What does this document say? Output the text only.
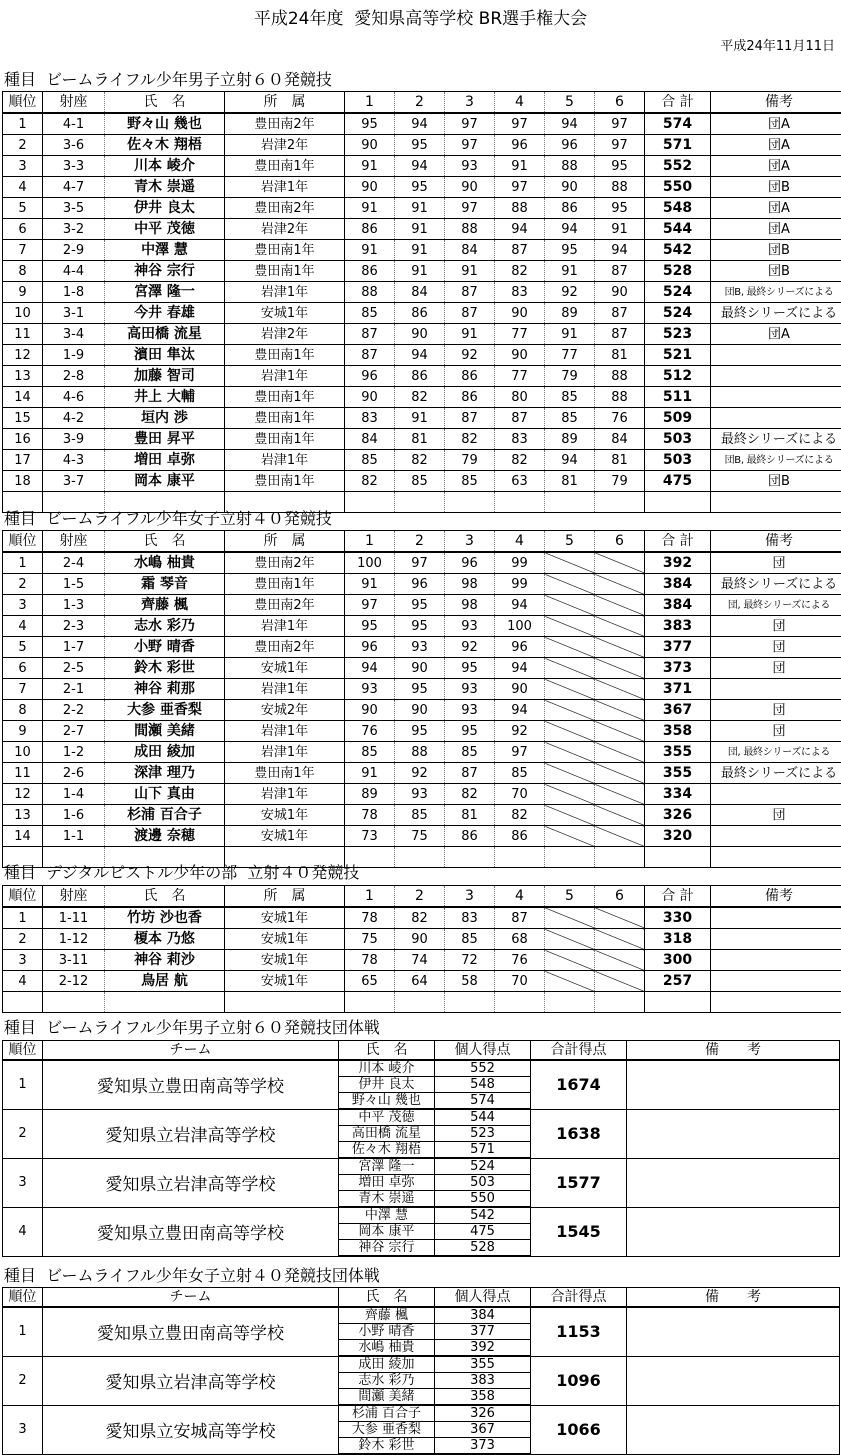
平成24年度  愛知県高等学校 BR選手権大会
平成24年11月11日
種目  ビームライフル少年男子立射６０発競技
順位	射座	氏　名	所　属	1	2	3	4	5	6	合 計	備考
1	4-1	野々山 幾也	豊田南2年	95	94	97	97	94	97	574	団A
2	3-6	佐々木 翔梧	岩津2年	90	95	97	96	96	97	571	団A
3	3-3	川本 崚介	豊田南1年	91	94	93	91	88	95	552	団A
4	4-7	青木 崇遥	岩津1年	90	95	90	97	90	88	550	団B
5	3-5	伊井 良太	豊田南2年	91	91	97	88	86	95	548	団A
6	3-2	中平 茂徳	岩津2年	86	91	88	94	94	91	544	団A
7	2-9	中澤 慧	豊田南1年	91	91	84	87	95	94	542	団B
8	4-4	神谷 宗行	豊田南1年	86	91	91	82	91	87	528	団B
9	1-8	宮澤 隆一	岩津1年	88	84	87	83	92	90	524	団B, 最終シリーズによる
10	3-1	今井 春雄	安城1年	85	86	87	90	89	87	524	最終シリーズによる
11	3-4	高田橋 流星	岩津2年	87	90	91	77	91	87	523	団A
12	1-9	濱田 隼汰	豊田南1年	87	94	92	90	77	81	521	
13	2-8	加藤 智司	岩津1年	96	86	86	77	79	88	512	
14	4-6	井上 大輔	豊田南1年	90	82	86	80	85	88	511	
15	4-2	垣内 渉	豊田南1年	83	91	87	87	85	76	509	
16	3-9	豊田 昇平	豊田南1年	84	81	82	83	89	84	503	最終シリーズによる
17	4-3	増田 卓弥	岩津1年	85	82	79	82	94	81	503	団B, 最終シリーズによる
18	3-7	岡本 康平	豊田南1年	82	85	85	63	81	79	475	団B

種目  ビームライフル少年女子立射４０発競技
順位	射座	氏　名	所　属	1	2	3	4	5	6	合 計	備考
1	2-4	水嶋 柚貴	豊田南2年	100	97	96	99			392	団
2	1-5	霜 琴音	豊田南1年	91	96	98	99			384	最終シリーズによる
3	1-3	齊藤 楓	豊田南2年	97	95	98	94			384	団, 最終シリーズによる
4	2-3	志水 彩乃	岩津1年	95	95	93	100			383	団
5	1-7	小野 晴香	豊田南2年	96	93	92	96			377	団
6	2-5	鈴木 彩世	安城1年	94	90	95	94			373	団
7	2-1	神谷 莉那	岩津1年	93	95	93	90			371	
8	2-2	大参 亜香梨	安城2年	90	90	93	94			367	団
9	2-7	間瀬 美緒	岩津1年	76	95	95	92			358	団
10	1-2	成田 綾加	岩津1年	85	88	85	97			355	団, 最終シリーズによる
11	2-6	深津 理乃	豊田南1年	91	92	87	85			355	最終シリーズによる
12	1-4	山下 真由	岩津1年	89	93	82	70			334	
13	1-6	杉浦 百合子	安城1年	78	85	81	82			326	団
14	1-1	渡邊 奈穂	安城1年	73	75	86	86			320	

種目  デジタルピストル少年の部  立射４０発競技
順位	射座	氏　名	所　属	1	2	3	4	5	6	合 計	備考
1	1-11	竹坊 沙也香	安城1年	78	82	83	87			330	
2	1-12	榎本 乃悠	安城1年	75	90	85	68			318	
3	3-11	神谷 莉沙	安城1年	78	74	72	76			300	
4	2-12	鳥居 航	安城1年	65	64	58	70			257	

種目  ビームライフル少年男子立射６０発競技団体戦
順位	チーム	氏　名	個人得点	合計得点	備　　考
1	愛知県立豊田南高等学校	川本 崚介	552	1674	
		伊井 良太	548		
		野々山 幾也	574		
2	愛知県立岩津高等学校	中平 茂徳	544	1638	
		高田橋 流星	523		
		佐々木 翔梧	571		
3	愛知県立岩津高等学校	宮澤 隆一	524	1577	
		増田 卓弥	503		
		青木 崇遥	550		
4	愛知県立豊田南高等学校	中澤 慧	542	1545	
		岡本 康平	475		
		神谷 宗行	528		
種目  ビームライフル少年女子立射４０発競技団体戦
順位	チーム	氏　名	個人得点	合計得点	備　　考
1	愛知県立豊田南高等学校	齊藤 楓	384	1153	
		小野 晴香	377		
		水嶋 柚貴	392		
2	愛知県立岩津高等学校	成田 綾加	355	1096	
		志水 彩乃	383		
		間瀬 美緒	358		
3	愛知県立安城高等学校	杉浦 百合子	326	1066	
		大参 亜香梨	367		
		鈴木 彩世	373		
